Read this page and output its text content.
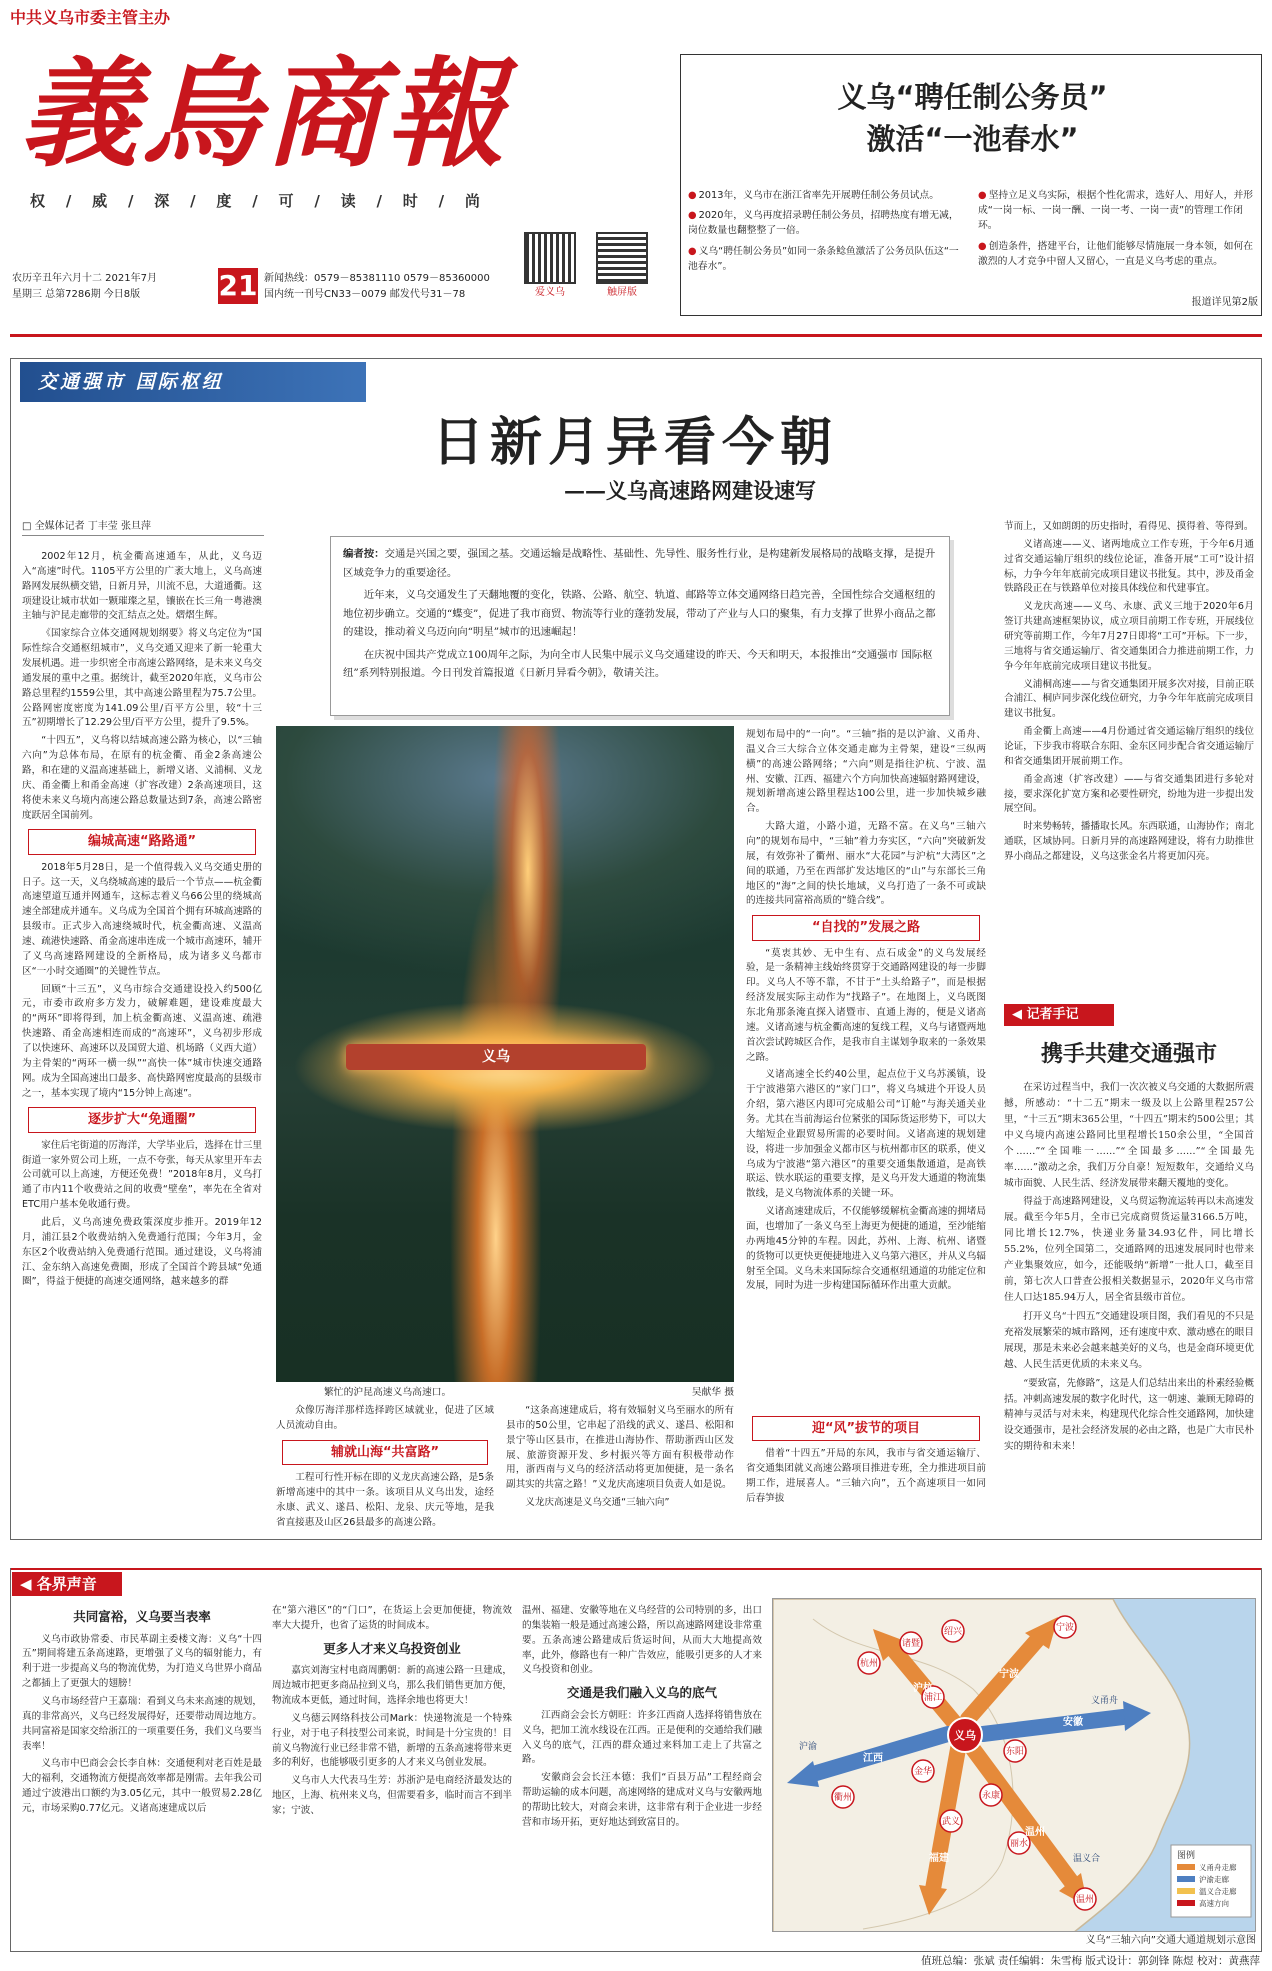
中共义乌市委主管主办
義烏商報
权 / 威 / 深 / 度 / 可 / 读 / 时 / 尚
爱义乌	触屏版
农历辛丑年六月十二 2021年7月
星期三 总第7286期 今日8版	21 新闻热线：0579－85381110 0579－85360000
国内统一刊号CN33－0079 邮发代号31－78
义乌“聘任制公务员”
激活“一池春水”
● 2013年，义乌市在浙江省率先开展聘任制公务员试点。
● 2020年，义乌再度招录聘任制公务员，招聘热度有增无减，岗位数量也翻整整了一倍。
● 义乌“聘任制公务员”如同一条条鲶鱼激活了公务员队伍这“一池春水”。
● 坚持立足义乌实际，根据个性化需求，选好人、用好人，并形成“一岗一标、一岗一酬、一岗一考、一岗一责”的管理工作闭环。
● 创造条件，搭建平台，让他们能够尽情施展一身本领，如何在激烈的人才竞争中留人又留心，一直是义乌考虑的重点。
报道详见第2版
交通强市 国际枢纽
日新月异看今朝
——义乌高速路网建设速写
□ 全媒体记者 丁丰莹 张旦萍

2002年12月，杭金衢高速通车，从此，义乌迈入“高速”时代。1105平方公里的广袤大地上，义乌高速路网发展纵横交错，日新月异，川流不息，大道通衢。这项建设让城市状如一颗璀璨之星，镶嵌在长三角一粤港澳主轴与沪昆走廊带的交汇结点之处。熠熠生辉。

《国家综合立体交通网规划纲要》将义乌定位为“国际性综合交通枢纽城市”，义乌交通又迎来了新一轮重大发展机遇。进一步织密全市高速公路网络，是未来义乌交通发展的重中之重。据统计，截至2020年底，义乌市公路总里程约1559公里，其中高速公路里程为75.7公里。公路网密度密度为141.09公里/百平方公里，较“十三五”初期增长了12.29公里/百平方公里，提升了9.5%。

“十四五”，义乌将以结城高速公路为核心，以“三轴六向”为总体布局，在原有的杭金衢、甬金2条高速公路，和在建的义温高速基础上，新增义诸、义浦桐、义龙庆、甬金衢上和甬金高速（扩容改建）2条高速项目，这将使未来义乌境内高速公路总数量达到7条，高速公路密度跃居全国前列。

编城高速“路路通”

2018年5月28日，是一个值得载入义乌交通史册的日子。这一天，义乌绕城高速的最后一个节点——杭金衢高速望道互通并网通车，这标志着义乌66公里的绕城高速全部建成并通车。义乌成为全国首个拥有环城高速路的县级市。正式步入高速绕城时代，杭金衢高速、义温高速、疏港快速路、甬金高速串连成一个城市高速环，辅开了义乌高速路网建设的全新格局，成为诸多义乌都市区“一小时交通圈”的关键性节点。

回顾“十三五”，义乌市综合交通建设投入约500亿元，市委市政府多方发力，破解难题，建设难度最大的“两环”即将得到，加上杭金衢高速、义温高速、疏港快速路、甬金高速相连而成的“高速环”，义乌初步形成了以快速环、高速环以及国贸大道、机场路（义西大道）为主骨架的“两环一横一纵”“高快一体”城市快速交通路网。成为全国高速出口最多、高快路网密度最高的县级市之一，基本实现了境内“15分钟上高速”。

逐步扩大“免通圈”

家住后宅街道的厉海洋，大学毕业后，选择在廿三里街道一家外贸公司上班，一点不夸张，每天从家里开车去公司就可以上高速，方便还免费！”2018年8月，义乌打通了市内11个收费站之间的收费“壁垒”，率先在全省对ETC用户基本免收通行费。

此后，义乌高速免费政策深度步推开。2019年12月，浦江县2个收费站纳入免费通行范围；今年3月，金东区2个收费站纳入免费通行范围。通过建设，义乌将浦江、金东纳入高速免费圈，形成了全国首个跨县域“免通圈”，得益于便捷的高速交通网络，越来越多的群

编者按：交通是兴国之要，强国之基。交通运输是战略性、基础性、先导性、服务性行业，是构建新发展格局的战略支撑，是提升区域竞争力的重要途径。

近年来，义乌交通发生了天翻地覆的变化，铁路、公路、航空、轨道、邮路等立体交通网络日趋完善，全国性综合交通枢纽的地位初步确立。交通的“蝶变”，促进了我市商贸、物流等行业的蓬勃发展，带动了产业与人口的聚集，有力支撑了世界小商品之都的建设，推动着义乌迈向向“明星”城市的迅速崛起！

在庆祝中国共产党成立100周年之际，为向全市人民集中展示义乌交通建设的昨天、今天和明天，本报推出“交通强市 国际枢纽”系列特别报道。今日刊发首篇报道《日新月异看今朝》，敬请关注。

义乌
繁忙的沪昆高速义乌高速口。	吴献华 摄

众像厉海洋那样选择跨区域就业，促进了区域人员流动自由。

辅就山海“共富路”

工程可行性开标在即的义龙庆高速公路，是5条新增高速中的其中一条。该项目从义乌出发，途经永康、武义、遂昌、松阳、龙泉、庆元等地，是我省直接惠及山区26县最多的高速公路。

规划布局中的“一向”。“三轴”指的是以沪渝、义甬舟、温义合三大综合立体交通走廊为主骨架，建设“三纵两横”的高速公路网络；“六向”则是指往沪杭、宁波、温州、安徽、江西、福建六个方向加快高速辐射路网建设，规划新增高速公路里程达100公里，进一步加快城乡融合。

大路大道，小路小道，无路不富。在义乌“三轴六向”的规划布局中，“三轴”着力夯实区，“六向”突破新发展，有效弥补了衢州、丽水“大花园”与沪杭“大湾区”之间的联通，乃至在西部扩发达地区的“山”与东部长三角地区的“海”之间的快长地域，义乌打造了一条不可或缺的连接共同富裕高质的“缝合线”。

“自找的”发展之路

“莫衷其妙、无中生有、点石成金”的义乌发展经验，是一条精神主线始终贯穿于交通路网建设的每一步脚印。义乌人不等不靠，不甘于“土头给路子”，而是根据经济发展实际主动作为“找路子”。在地图上，义乌既图东北角那条淹直探入诸暨市、直通上海的，便是义诸高速。义诸高速与杭金衢高速的复线工程，义乌与诸暨两地首次尝试跨城区合作，是我市自主谋划争取来的一条效果之路。

义诸高速全长约40公里，起点位于义乌苏溪镇，设于宁波港第六港区的“家门口”，将义乌城进个开设人员介绍，第六港区内即可完成船公司“订舱”与海关通关业务。尤其在当前海运台位紧张的国际货运形势下，可以大大缩短企业跟贸易所需的必要时间。义诸高速的规划建设，将进一步加强金义都市区与杭州都市区的联系，使义乌成为宁波港“第六港区”的重要交通集散通道，是高铁联运、铁水联运的重要支撑，是义乌开发大通道的物流集散线，是义乌物流体系的关键一环。

义诸高速建成后，不仅能够缓解杭金衢高速的拥堵局面，也增加了一条义乌至上海更为便捷的通道，至沙能缩办两地45分钟的车程。因此，苏州、上海、杭州、诸暨的货物可以更快更便捷地进入义乌第六港区，并从义乌辐射至全国。义乌未来国际综合交通枢纽通道的功能定位和发展，同时为进一步构建国际循环作出重大贡献。

“这条高速建成后，将有效辐射义乌至丽水的所有县市的50公里，它串起了沿线的武义、遂昌、松阳和景宁等山区县市，在推进山海协作、帮助浙西山区发展、旅游资源开发、乡村振兴等方面有积极带动作用，浙西南与义乌的经济活动将更加便捷，是一条名副其实的共富之路！”义龙庆高速项目负责人如是说。

义龙庆高速是义乌交通“三轴六向”

迎“风”拔节的项目

借着“十四五”开局的东风，我市与省交通运输厅、省交通集团就义高速公路项目推进专班，全力推进项目前期工作，进展喜人。“三轴六向”，五个高速项目一如同后春笋拔

节而上，又如朗朗的历史指时，看得见、摸得着、等得到。

义诸高速——义、诸两地成立工作专班，于今年6月通过省交通运输厅组织的线位论证，准备开展“工可”设计招标，力争今年年底前完成项目建议书批复。其中，涉及甬金铁路段正在与铁路单位对接具体线位和代建事宜。

义龙庆高速——义乌、永康、武义三地于2020年6月签订共建高速框架协议，成立项目前期工作专班，开展线位研究等前期工作，今年7月27日即将“工可”开标。下一步，三地将与省交通运输厅、省交通集团合力推进前期工作，力争今年年底前完成项目建议书批复。

义浦桐高速——与省交通集团开展多次对接，目前正联合浦江、桐庐同步深化线位研究，力争今年年底前完成项目建议书批复。

甬金衢上高速——4月份通过省交通运输厅组织的线位论证，下步我市将联合东阳、金东区同步配合省交通运输厅和省交通集团开展前期工作。

甬金高速（扩容改建）——与省交通集团进行多轮对接，要求深化扩宽方案和必要性研究，纷地为进一步提出发展空间。

时来势畅转，播播取长风。东西联通，山海协作；南北通联，区域协同。日新月异的高速路网建设，将有力助推世界小商品之都建设，义乌这张金名片将更加闪亮。

◀ 记者手记
携手共建交通强市

在采访过程当中，我们一次次被义乌交通的大数据所震撼，所感动：“十二五”期末一级及以上公路里程257公里，“十三五”期末365公里，“十四五”期末约500公里；其中义乌境内高速公路同比里程增长150余公里，“全国首个……”“全国唯一……”“全国最多……”“全国最先率……”激动之余，我们万分自豪！短短数年，交通给义乌城市面貌、人民生活、经济发展带来翻天覆地的变化。

得益于高速路网建设，义乌贸运物流运转再以未高速发展。截至今年5月，全市已完成商贸货运量3166.5万吨，同比增长12.7%，快递业务量34.93亿件，同比增长55.2%，位列全国第二，交通路网的迅速发展同时也带来产业集聚效应，如今，还能吸纳“新增”一批人口，截至目前，第七次人口普查公报相关数据显示，2020年义乌市常住人口达185.94万人，居全省县级市首位。

打开义乌“十四五”交通建设项目图，我们看见的不只是充裕发展繁荣的城市路网，还有速度中欢、激动感在的眼目展现，那是未来必会越来越美好的义乌，也是金商环境更优越、人民生活更优质的未来义乌。

“要致富，先修路”，这是人们总结出来出的朴素经验概括。冲刺高速发展的数字化时代，这一朝速、兼顾无障碍的精神与灵活与对未来，构建现代化综合性交通路网，加快建设交通强市，是社会经济发展的必由之路，也是广大市民朴实的期待和未来！

◀ 各界声音
共同富裕，义乌要当表率

义乌市政协常委、市民革副主委楼文海：义乌“十四五”期间将建五条高速路，更增强了义乌的辐射能力，有利于进一步提高义乌的物流优势，为打造义乌世界小商品之都插上了更强大的翅膀！

义乌市场经营户王嘉瑞：看到义乌未来高速的规划，真的非常高兴，义乌已经发展得好，还要带动周边地方。共同富裕是国家交给浙江的一项重要任务，我们义乌要当表率！

义乌市中巴商会会长李自林：交通便利对老百姓是最大的福利，交通物流方便提高效率都是刚需。去年我公司通过宁波港出口额约为3.05亿元，其中一般贸易2.28亿元，市场采购0.77亿元。义诸高速建成以后

在“第六港区”的“门口”，在货运上会更加便捷，物流效率大大提升，也省了运货的时间成本。

更多人才来义乌投资创业

嘉宾刘海宝村电商周鹏朝：新的高速公路一旦建成，周边城市把更多商品拉到义乌，那么我们销售更加方便，物流成本更低，通过时间，选择余地也将更大！

义乌德云网络科技公司Mark：快递物流是一个特殊行业，对于电子科技型公司来说，时间是十分宝贵的！目前义乌物流行业已经非常不错，新增的五条高速将带来更多的利好，也能够吸引更多的人才来义乌创业发展。

义乌市人大代表马生芳：苏浙沪是电商经济最发达的地区，上海、杭州来义乌，但需要看多，临时而言不到半家；宁波、

温州、福建、安徽等地在义乌经营的公司特别的多，出口的集装箱一般是通过高速公路，所以高速路网建设非常重要。五条高速公路建成后货运时间，从而大大地提高效率，此外，修路也有一种广告效应，能吸引更多的人才来义乌投资和创业。

交通是我们融入义乌的底气

江西商会会长方朝旺：许多江西商人选择将销售放在义乌，把加工流水线设在江西。正是便利的交通给我们融入义乌的底气，江西的群众通过来料加工走上了共富之路。

安徽商会会长汪本德：我们“百县万品”工程经商会帮助运输的成本问题，高速网络的建成对义乌与安徽两地的帮助比较大，对商会来讲，这非常有利于企业进一步经营和市场开拓，更好地达到致富目的。

杭州
诸暨
绍兴	宁波
温州
丽水
衢州
金华
东阳
浦江
永康
武义
义乌
沪杭
宁波
温州
福建
江西
安徽
沪渝
义甬舟
温义合	图例
义甬舟走廊
沪渝走廊
温义合走廊
高速方向
义乌“三轴六向”交通大通道规划示意图
值班总编：张斌 责任编辑：朱雪梅 版式设计：郭剑锋 陈煜 校对：黄燕萍
